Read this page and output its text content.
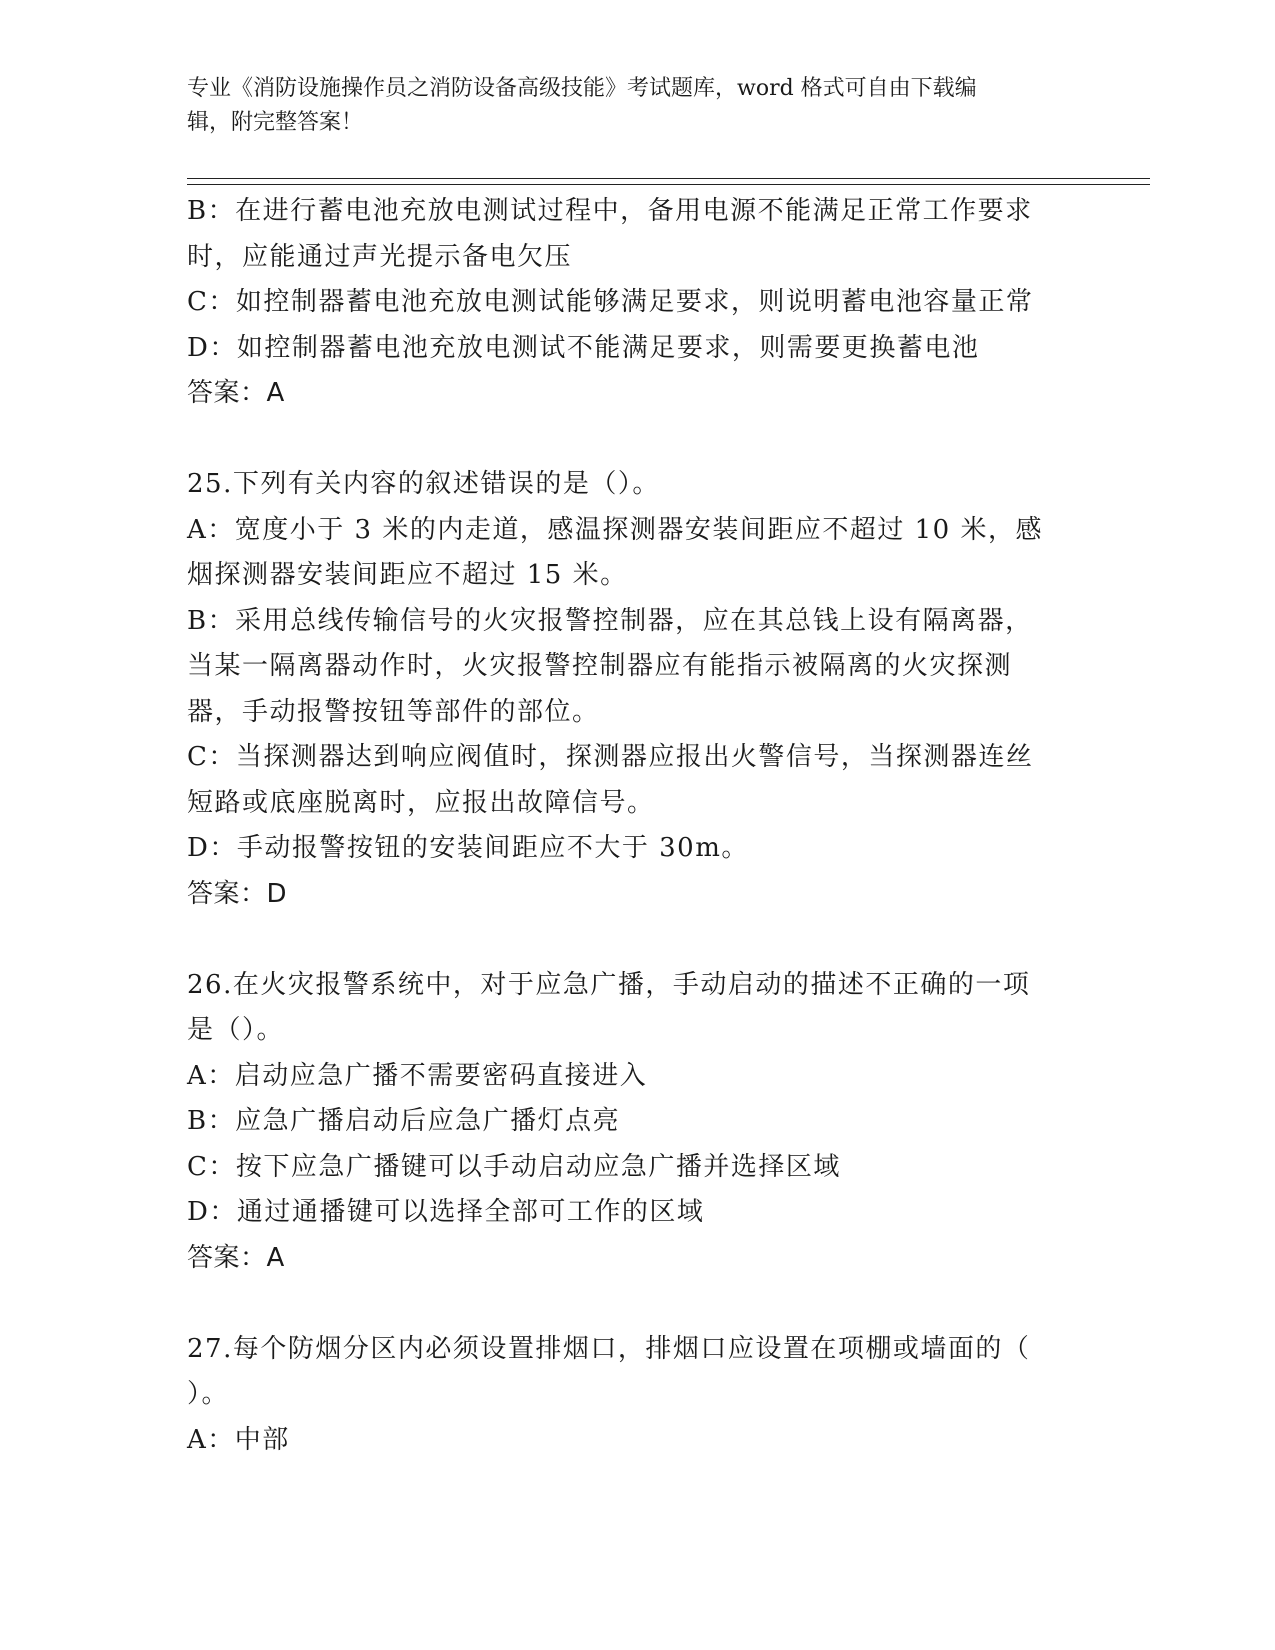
专业《消防设施操作员之消防设备高级技能》考试题库，word 格式可自由下载编
辑，附完整答案！
B：在进行蓄电池充放电测试过程中，备用电源不能满足正常工作要求
时，应能通过声光提示备电欠压
C：如控制器蓄电池充放电测试能够满足要求，则说明蓄电池容量正常
D：如控制器蓄电池充放电测试不能满足要求，则需要更换蓄电池
答案：A
25.下列有关内容的叙述错误的是（）。
A：宽度小于 3 米的内走道，感温探测器安装间距应不超过 10 米，感
烟探测器安装间距应不超过 15 米。
B：采用总线传输信号的火灾报警控制器，应在其总钱上设有隔离器，
当某一隔离器动作时，火灾报警控制器应有能指示被隔离的火灾探测
器，手动报警按钮等部件的部位。
C：当探测器达到响应阀值时，探测器应报出火警信号，当探测器连丝
短路或底座脱离时，应报出故障信号。
D：手动报警按钮的安装间距应不大于 30m。
答案：D
26.在火灾报警系统中，对于应急广播，手动启动的描述不正确的一项
是（）。
A：启动应急广播不需要密码直接进入
B：应急广播启动后应急广播灯点亮
C：按下应急广播键可以手动启动应急广播并选择区域
D：通过通播键可以选择全部可工作的区域
答案：A
27.每个防烟分区内必须设置排烟口，排烟口应设置在项棚或墙面的（
）。
A：中部
